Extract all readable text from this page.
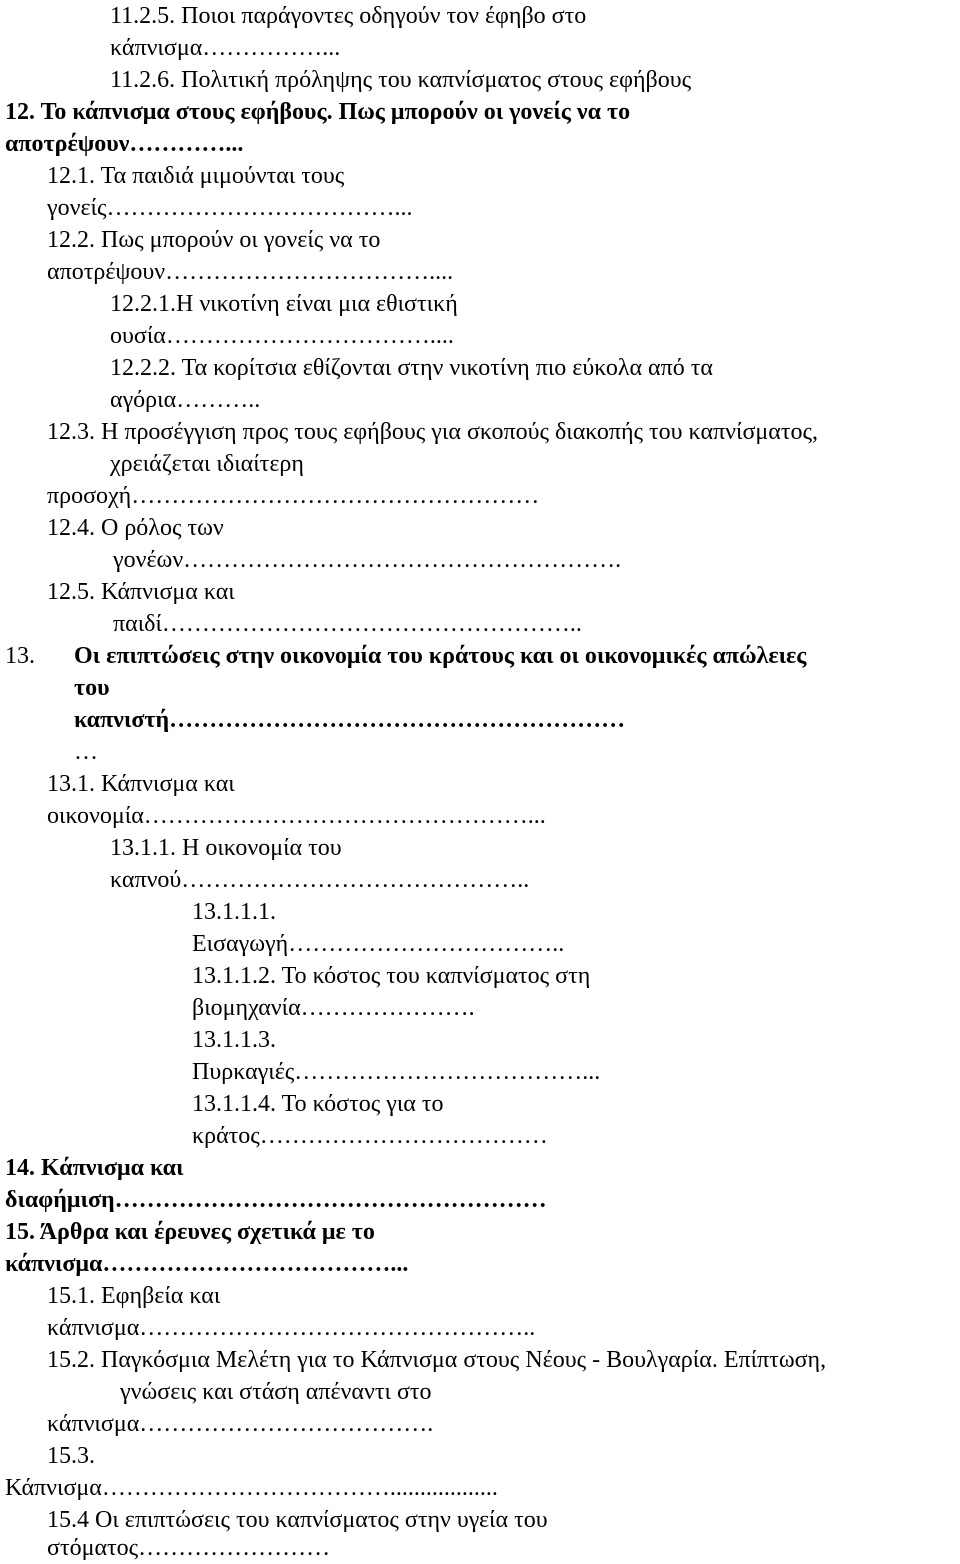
11.2.5. Ποιοι παράγοντες οδηγούν τον έφηβο στο
κάπνισμα……………...
11.2.6. Πολιτική πρόληψης του καπνίσματος στους εφήβους
12. Το κάπνισμα στους εφήβους. Πως μπορούν οι γονείς να το
αποτρέψουν…………...
12.1. Τα παιδιά μιμούνται τους
γονείς………………………………...
12.2. Πως μπορούν οι γονείς να το
αποτρέψουν……………………………....
12.2.1.Η νικοτίνη είναι μια εθιστική
ουσία……………………………....
12.2.2. Τα κορίτσια εθίζονται στην νικοτίνη πιο εύκολα από τα
αγόρια………..
12.3. Η προσέγγιση προς τους εφήβους για σκοπούς διακοπής του καπνίσματος,
χρειάζεται ιδιαίτερη
προσοχή……………………………………………
12.4. Ο ρόλος των
γονέων……………………………………………….
12.5. Κάπνισμα και
παιδί……………………………………………..
13. Οι επιπτώσεις στην οικονομία του κράτους και οι οικονομικές απώλειες
του
καπνιστή…………………………………………………
…
13.1. Κάπνισμα και
οικονομία…………………………………………...
13.1.1. Η οικονομία του
καπνού……………………………………..
13.1.1.1.
Εισαγωγή……………………………..
13.1.1.2. Το κόστος του καπνίσματος στη
βιομηχανία………………….
13.1.1.3.
Πυρκαγιές………………………………...
13.1.1.4. Το κόστος για το
κράτος………………………………
14. Κάπνισμα και
διαφήμιση………………………………………………
15. Άρθρα και έρευνες σχετικά με το
κάπνισμα………………………………...
15.1. Εφηβεία και
κάπνισμα…………………………………………..
15.2. Παγκόσμια Μελέτη για το Κάπνισμα στους Νέους - Βουλγαρία. Επίπτωση,
γνώσεις και στάση απέναντι στο
κάπνισμα……………………………….
15.3.
Κάπνισμα………………………………..................
15.4 Οι επιπτώσεις του καπνίσματος στην υγεία του
στόματος……………………
